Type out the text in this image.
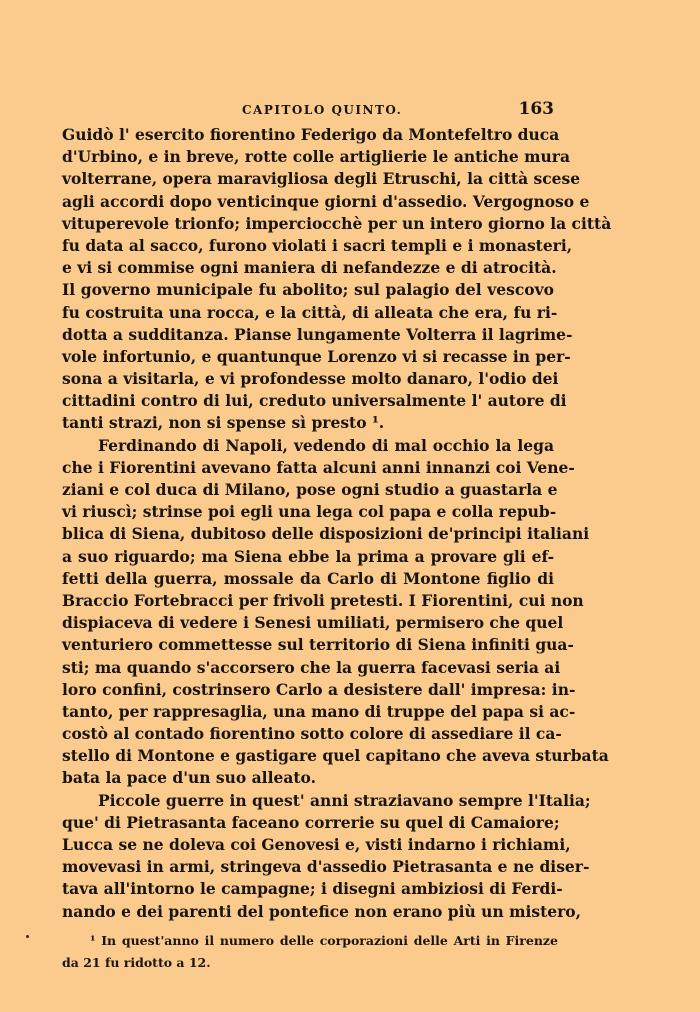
CAPITOLO QUINTO.	163
Guidò l' esercito fiorentino Federigo da Montefeltro duca
d'Urbino, e in breve, rotte colle artiglierie le antiche mura
volterrane, opera maravigliosa degli Etruschi, la città scese
agli accordi dopo venticinque giorni d'assedio. Vergognoso e
vituperevole trionfo; imperciocchè per un intero giorno la città
fu data al sacco, furono violati i sacri templi e i monasteri,
e vi si commise ogni maniera di nefandezze e di atrocità.
Il governo municipale fu abolito; sul palagio del vescovo
fu costruita una rocca, e la città, di alleata che era, fu ri-
dotta a sudditanza. Pianse lungamente Volterra il lagrime-
vole infortunio, e quantunque Lorenzo vi si recasse in per-
sona a visitarla, e vi profondesse molto danaro, l'odio dei
cittadini contro di lui, creduto universalmente l' autore di
tanti strazi, non si spense sì presto ¹.
Ferdinando di Napoli, vedendo di mal occhio la lega
che i Fiorentini avevano fatta alcuni anni innanzi coi Vene-
ziani e col duca di Milano, pose ogni studio a guastarla e
vi riuscì; strinse poi egli una lega col papa e colla repub-
blica di Siena, dubitoso delle disposizioni de'principi italiani
a suo riguardo; ma Siena ebbe la prima a provare gli ef-
fetti della guerra, mossale da Carlo di Montone figlio di
Braccio Fortebracci per frivoli pretesti. I Fiorentini, cui non
dispiaceva di vedere i Senesi umiliati, permisero che quel
venturiero commettesse sul territorio di Siena infiniti gua-
sti; ma quando s'accorsero che la guerra facevasi seria ai
loro confini, costrinsero Carlo a desistere dall' impresa: in-
tanto, per rappresaglia, una mano di truppe del papa si ac-
costò al contado fiorentino sotto colore di assediare il ca-
stello di Montone e gastigare quel capitano che aveva sturbata
bata la pace d'un suo alleato.
Piccole guerre in quest' anni straziavano sempre l'Italia;
que' di Pietrasanta faceano correrie su quel di Camaiore;
Lucca se ne doleva coi Genovesi e, visti indarno i richiami,
movevasi in armi, stringeva d'assedio Pietrasanta e ne diser-
tava all'intorno le campagne; i disegni ambiziosi di Ferdi-
nando e dei parenti del pontefice non erano più un mistero,
¹ In quest'anno il numero delle corporazioni delle Arti in Firenze
da 21 fu ridotto a 12.
